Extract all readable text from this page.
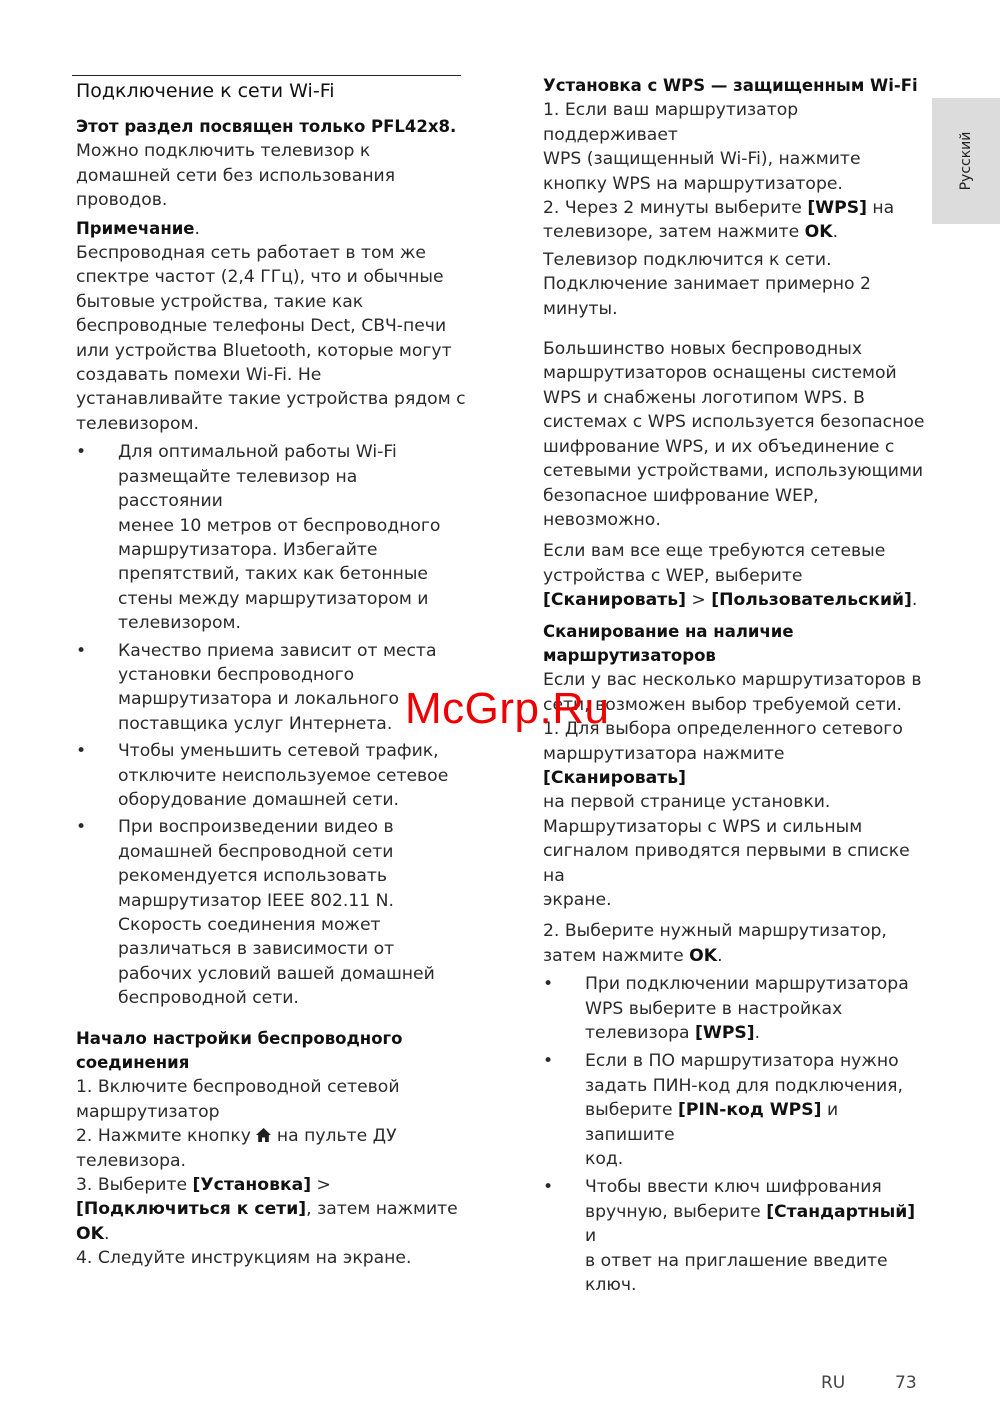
Подключение к сети Wi-Fi
Русский

Этот раздел посвящен только PFL42x8.

Можно подключить телевизор к

домашней сети без использования

проводов.

Примечание.

Беспроводная сеть работает в том же

спектре частот (2,4 ГГц), что и обычные

бытовые устройства, такие как

беспроводные телефоны Dect, СВЧ-печи

или устройства Bluetooth, которые могут

создавать помехи Wi-Fi. Не

устанавливайте такие устройства рядом с

телевизором.

• Для оптимальной работы Wi-Fi
размещайте телевизор на расстоянии
менее 10 метров от беспроводного
маршрутизатора. Избегайте
препятствий, таких как бетонные
стены между маршрутизатором и
телевизором.
• Качество приема зависит от места
установки беспроводного
маршрутизатора и локального
поставщика услуг Интернета.
• Чтобы уменьшить сетевой трафик,
отключите неиспользуемое сетевое
оборудование домашней сети.
• При воспроизведении видео в
домашней беспроводной сети
рекомендуется использовать
маршрутизатор IEEE 802.11 N.
Скорость соединения может
различаться в зависимости от
рабочих условий вашей домашней
беспроводной сети.

Начало настройки беспроводного

соединения

1. Включите беспроводной сетевой

маршрутизатор

2. Нажмите кнопку  на пульте ДУ

телевизора.

3. Выберите [Установка] >

[Подключиться к сети], затем нажмите

OK.

4. Следуйте инструкциям на экране.

Установка с WPS — защищенным Wi-Fi

1. Если ваш маршрутизатор поддерживает

WPS (защищенный Wi-Fi), нажмите

кнопку WPS на маршрутизаторе.

2. Через 2 минуты выберите [WPS] на

телевизоре, затем нажмите OK.

Телевизор подключится к сети.

Подключение занимает примерно 2

минуты.

Большинство новых беспроводных

маршрутизаторов оснащены системой

WPS и снабжены логотипом WPS. В

системах с WPS используется безопасное

шифрование WPS, и их объединение с

сетевыми устройствами, использующими

безопасное шифрование WEP,

невозможно.

Если вам все еще требуются сетевые

устройства с WEP, выберите

[Сканировать] > [Пользовательский].

Сканирование на наличие

маршрутизаторов

Если у вас несколько маршрутизаторов в

сети, возможен выбор требуемой сети.

1. Для выбора определенного сетевого

маршрутизатора нажмите [Сканировать]

на первой странице установки.

Маршрутизаторы с WPS и сильным

сигналом приводятся первыми в списке на

экране.

2. Выберите нужный маршрутизатор,

затем нажмите OK.

• При подключении маршрутизатора
WPS выберите в настройках
телевизора [WPS].
• Если в ПО маршрутизатора нужно
задать ПИН-код для подключения,
выберите [PIN-код WPS] и запишите
код.
• Чтобы ввести ключ шифрования
вручную, выберите [Стандартный] и
в ответ на приглашение введите
ключ.
McGrp.Ru
RU	73
